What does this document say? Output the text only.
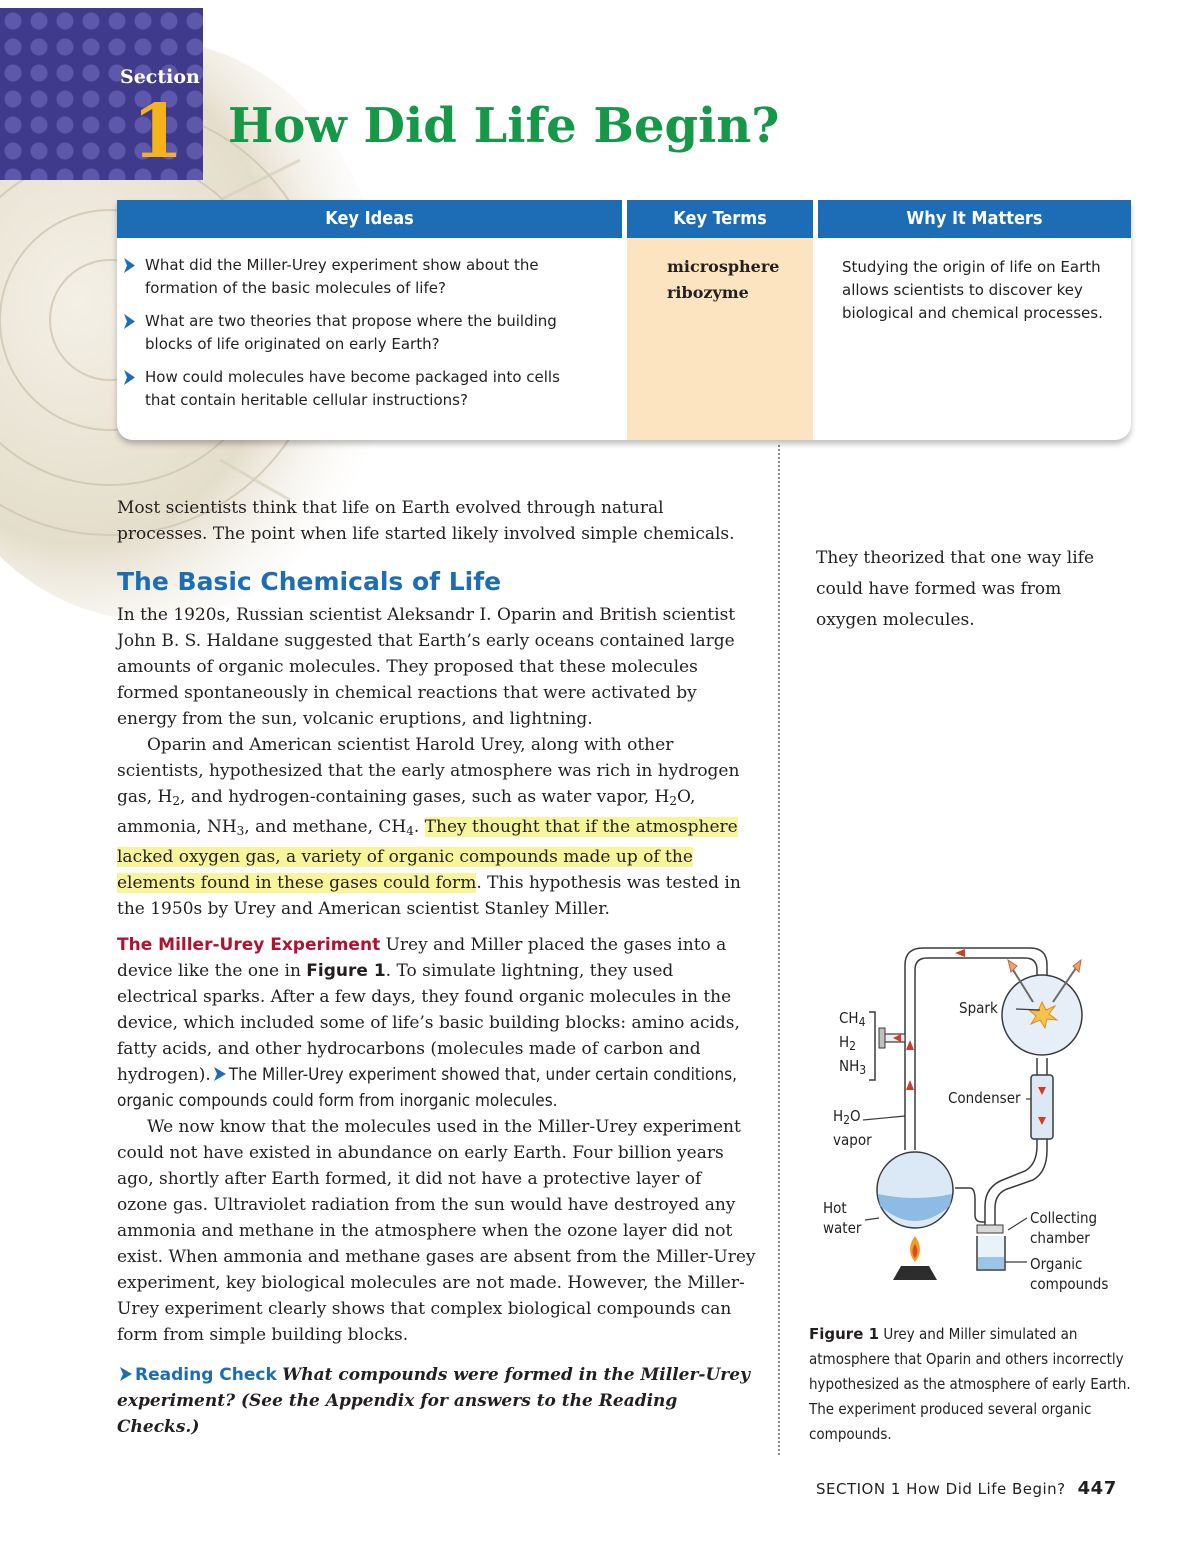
Section
1 How Did Life Begin?
Key Ideas
What did the Miller-Urey experiment show about the formation of the basic molecules of life?
What are two theories that propose where the building blocks of life originated on early Earth?
How could molecules have become packaged into cells that contain heritable cellular instructions?
Key Terms
microsphere
ribozyme
Why It Matters
Studying the origin of life on Earth allows scientists to discover key biological and chemical processes.

Most scientists think that life on Earth evolved through natural processes. The point when life started likely involved simple chemicals.

The Basic Chemicals of Life

In the 1920s, Russian scientist Aleksandr I. Oparin and British scientist John B. S. Haldane suggested that Earth’s early oceans contained large amounts of organic molecules. They proposed that these molecules formed spontaneously in chemical reactions that were activated by energy from the sun, volcanic eruptions, and lightning.

Oparin and American scientist Harold Urey, along with other scientists, hypothesized that the early atmosphere was rich in hydrogen gas, $H_2$, and hydrogen-containing gases, such as water vapor, $H_2O$, ammonia, $NH_3$, and methane, $CH_4$. They thought that if the atmosphere lacked oxygen gas, a variety of organic compounds made up of the elements found in these gases could form. This hypothesis was tested in the 1950s by Urey and American scientist Stanley Miller.

The Miller-Urey Experiment Urey and Miller placed the gases into a device like the one in Figure 1. To simulate lightning, they used electrical sparks. After a few days, they found organic molecules in the device, which included some of life’s basic building blocks: amino acids, fatty acids, and other hydrocarbons (molecules made of carbon and hydrogen). The Miller-Urey experiment showed that, under certain conditions, organic compounds could form from inorganic molecules.

We now know that the molecules used in the Miller-Urey experiment could not have existed in abundance on early Earth. Four billion years ago, shortly after Earth formed, it did not have a protective layer of ozone gas. Ultraviolet radiation from the sun would have destroyed any ammonia and methane in the atmosphere when the ozone layer did not exist. When ammonia and methane gases are absent from the Miller-Urey experiment, key biological molecules are not made. However, the Miller-Urey experiment clearly shows that complex biological compounds can form from simple building blocks.

Reading Check What compounds were formed in the Miller-Urey experiment? (See the Appendix for answers to the Reading Checks.)

They theorized that one way life could have formed was from oxygen molecules.
$CH_4$
$H_2$
$NH_3$
$H_2O$
vapor
Spark
Condenser
Hot
water
Collecting
chamber
Organic
compounds
Figure 1 Urey and Miller simulated an atmosphere that Oparin and others incorrectly hypothesized as the atmosphere of early Earth. The experiment produced several organic compounds.
SECTION 1 How Did Life Begin? 447
